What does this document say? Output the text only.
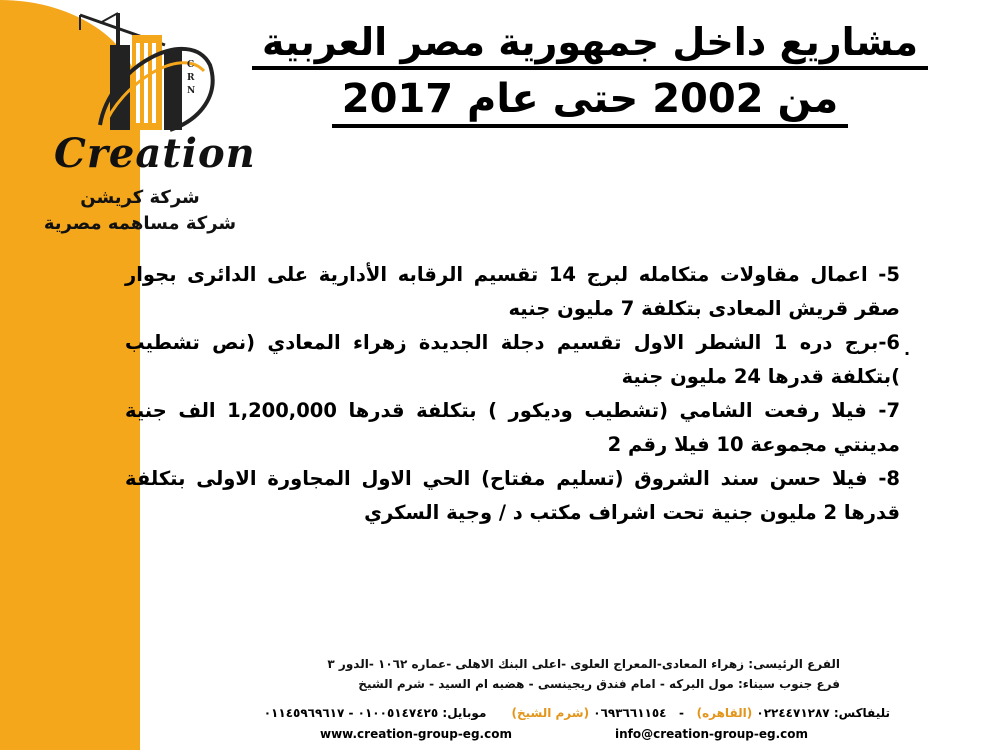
C
R
N
Creation
شركة كريشن
شركة مساهمه مصرية
مشاريع داخل جمهورية مصر العربية
من 2002 حتى عام 2017
5- اعمال مقاولات متكامله لبرج 14 تقسيم الرقابه الأدارية على الدائرى بجوار صقر قريش المعادى بتكلفة 7 مليون جنيه
6-برج دره 1 الشطر الاول تقسيم دجلة الجديدة زهراء المعادي (نص تشطيب )بتكلفة قدرها 24 مليون جنية
7- فيلا رفعت الشامي (تشطيب وديكور ) بتكلفة قدرها 1,200,000 الف جنية مدينتي مجموعة 10 فيلا رقم 2
8- فيلا حسن سند الشروق (تسليم مفتاح) الحي الاول المجاورة الاولى بتكلفة قدرها 2 مليون جنية تحت اشراف مكتب د / وجية السكري
.
الفرع الرئيسى: زهراء المعادى-المعراج العلوى -اعلى البنك الاهلى -عماره ١٠٦٢ -الدور ٣
فرع جنوب سيناء: مول البركه - امام فندق ريجينسى - هضبه ام السيد - شرم الشيخ
تليفاكس: ٠٢٢٤٤٧١٢٨٧ (القاهره)   -   ٠٦٩٣٦٦١١٥٤ (شرم الشيخ)      موبايل: ٠١٠٠٥١٤٧٤٢٥ - ٠١١٤٥٩٦٩٦١٧
www.creation-group-eg.com	info@creation-group-eg.com
